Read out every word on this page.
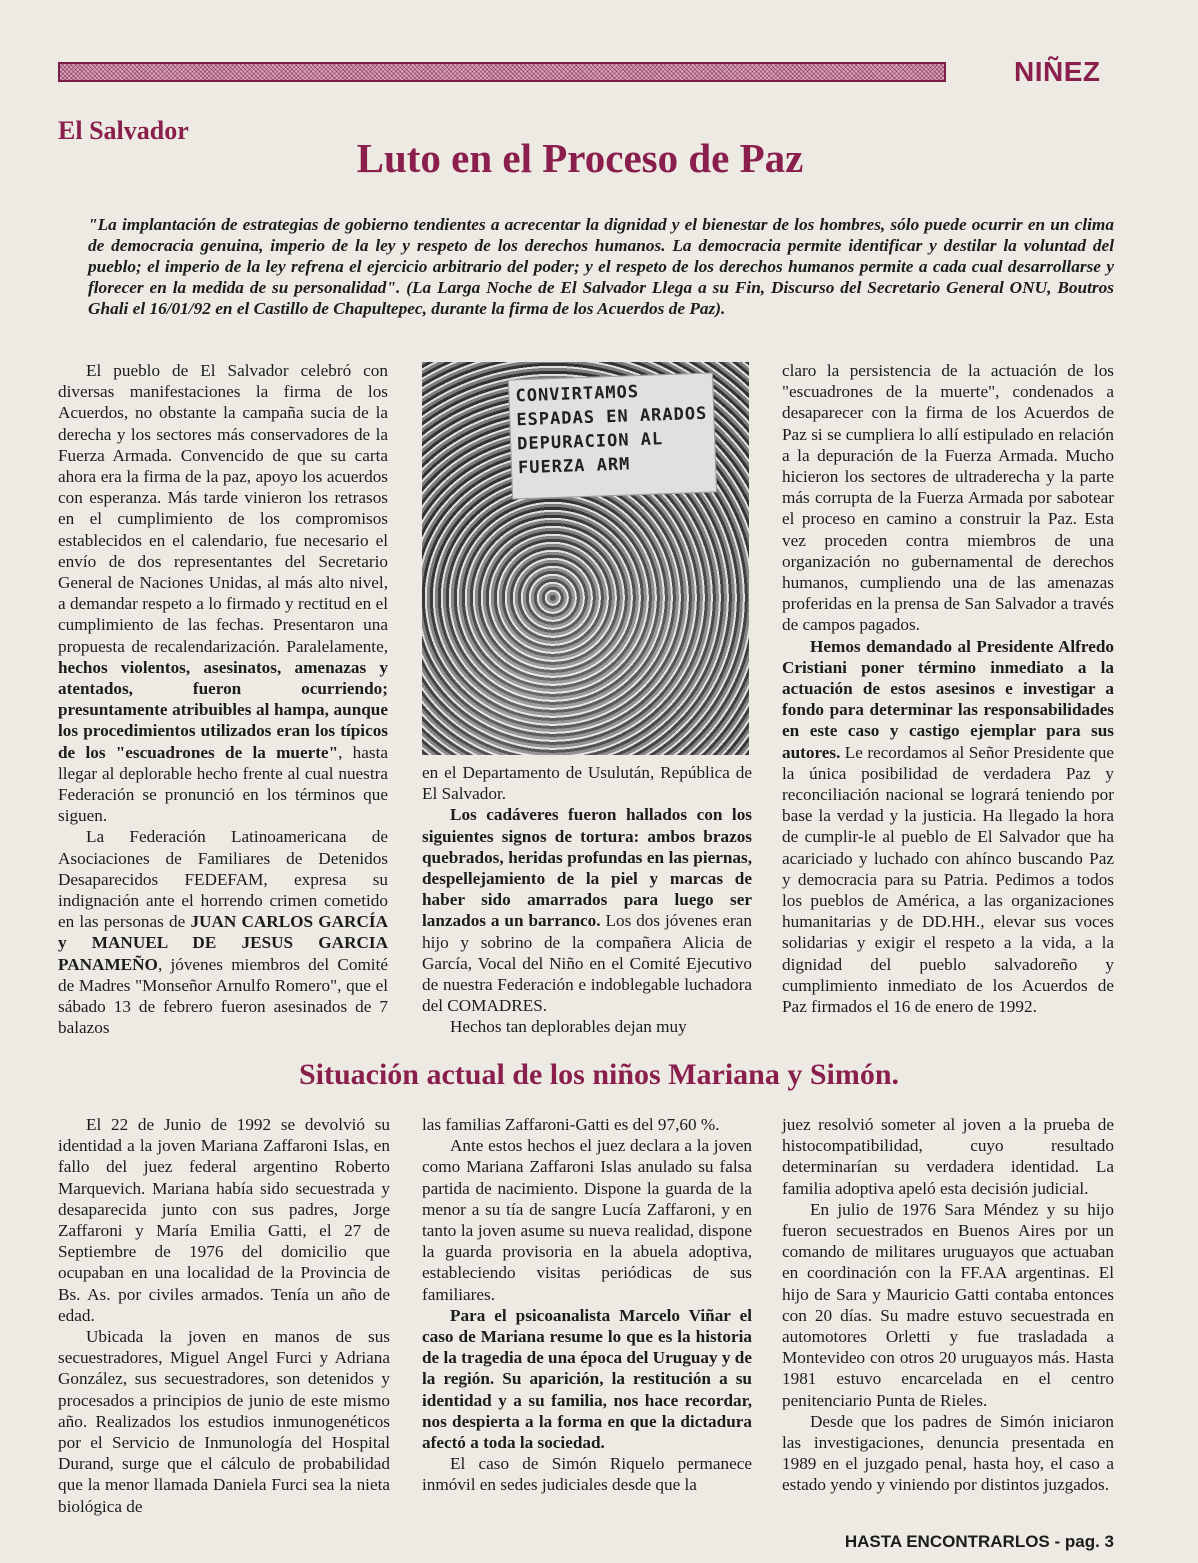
NIÑEZ
El Salvador
Luto en el Proceso de Paz

"La implantación de estrategias de gobierno tendientes a acrecentar la dignidad y el bienestar de los hombres, sólo puede ocurrir en un clima de democracia genuina, imperio de la ley y respeto de los derechos humanos. La democracia permite identificar y destilar la voluntad del pueblo; el imperio de la ley refrena el ejercicio arbitrario del poder; y el respeto de los derechos humanos permite a cada cual desarrollarse y florecer en la medida de su personalidad". (La Larga Noche de El Salvador Llega a su Fin, Discurso del Secretario General ONU, Boutros Ghali el 16/01/92 en el Castillo de Chapultepec, durante la firma de los Acuerdos de Paz).

El pueblo de El Salvador celebró con diversas manifestaciones la firma de los Acuerdos, no obstante la campaña sucia de la derecha y los sectores más conservadores de la Fuerza Armada. Convencido de que su carta ahora era la firma de la paz, apoyo los acuerdos con esperanza. Más tarde vinieron los retrasos en el cumplimiento de los compromisos establecidos en el calendario, fue necesario el envío de dos representantes del Secretario General de Naciones Unidas, al más alto nivel, a demandar respeto a lo firmado y rectitud en el cumplimiento de las fechas. Presentaron una propuesta de recalendarización. Paralelamente, hechos violentos, asesinatos, amenazas y atentados, fueron ocurriendo; presuntamente atribuibles al hampa, aunque los procedimientos utilizados eran los típicos de los "escuadrones de la muerte", hasta llegar al deplorable hecho frente al cual nuestra Federación se pronunció en los términos que siguen.

La Federación Latinoamericana de Asociaciones de Familiares de Detenidos Desaparecidos FEDEFAM, expresa su indignación ante el horrendo crimen cometido en las personas de JUAN CARLOS GARCÍA y MANUEL DE JESUS GARCIA PANAMEÑO, jóvenes miembros del Comité de Madres "Monseñor Arnulfo Romero", que el sábado 13 de febrero fueron asesinados de 7 balazos

CONVIRTAMOS
ESPADAS EN ARADOS
DEPURACION AL
FUERZA ARM

en el Departamento de Usulután, República de El Salvador.

Los cadáveres fueron hallados con los siguientes signos de tortura: ambos brazos quebrados, heridas profundas en las piernas, despellejamiento de la piel y marcas de haber sido amarrados para luego ser lanzados a un barranco. Los dos jóvenes eran hijo y sobrino de la compañera Alicia de García, Vocal del Niño en el Comité Ejecutivo de nuestra Federación e indoblegable luchadora del COMADRES.

Hechos tan deplorables dejan muy

claro la persistencia de la actuación de los "escuadrones de la muerte", condenados a desaparecer con la firma de los Acuerdos de Paz si se cumpliera lo allí estipulado en relación a la depuración de la Fuerza Armada. Mucho hicieron los sectores de ultraderecha y la parte más corrupta de la Fuerza Armada por sabotear el proceso en camino a construir la Paz. Esta vez proceden contra miembros de una organización no gubernamental de derechos humanos, cumpliendo una de las amenazas proferidas en la prensa de San Salvador a través de campos pagados.

Hemos demandado al Presidente Alfredo Cristiani poner término inmediato a la actuación de estos asesinos e investigar a fondo para determinar las responsabilidades en este caso y castigo ejemplar para sus autores. Le recordamos al Señor Presidente que la única posibilidad de verdadera Paz y reconciliación nacional se logrará teniendo por base la verdad y la justicia. Ha llegado la hora de cumplir-le al pueblo de El Salvador que ha acariciado y luchado con ahínco buscando Paz y democracia para su Patria. Pedimos a todos los pueblos de América, a las organizaciones humanitarias y de DD.HH., elevar sus voces solidarias y exigir el respeto a la vida, a la dignidad del pueblo salvadoreño y cumplimiento inmediato de los Acuerdos de Paz firmados el 16 de enero de 1992.

Situación actual de los niños Mariana y Simón.

El 22 de Junio de 1992 se devolvió su identidad a la joven Mariana Zaffaroni Islas, en fallo del juez federal argentino Roberto Marquevich. Mariana había sido secuestrada y desaparecida junto con sus padres, Jorge Zaffaroni y María Emilia Gatti, el 27 de Septiembre de 1976 del domicilio que ocupaban en una localidad de la Provincia de Bs. As. por civiles armados. Tenía un año de edad.

Ubicada la joven en manos de sus secuestradores, Miguel Angel Furci y Adriana González, sus secuestradores, son detenidos y procesados a principios de junio de este mismo año. Realizados los estudios inmunogenéticos por el Servicio de Inmunología del Hospital Durand, surge que el cálculo de probabilidad que la menor llamada Daniela Furci sea la nieta biológica de

las familias Zaffaroni-Gatti es del 97,60 %.

Ante estos hechos el juez declara a la joven como Mariana Zaffaroni Islas anulado su falsa partida de nacimiento. Dispone la guarda de la menor a su tía de sangre Lucía Zaffaroni, y en tanto la joven asume su nueva realidad, dispone la guarda provisoria en la abuela adoptiva, estableciendo visitas periódicas de sus familiares.

Para el psicoanalista Marcelo Viñar el caso de Mariana resume lo que es la historia de la tragedia de una época del Uruguay y de la región. Su aparición, la restitución a su identidad y a su familia, nos hace recordar, nos despierta a la forma en que la dictadura afectó a toda la sociedad.

El caso de Simón Riquelo permanece inmóvil en sedes judiciales desde que la

juez resolvió someter al joven a la prueba de histocompatibilidad, cuyo resultado determinarían su verdadera identidad. La familia adoptiva apeló esta decisión judicial.

En julio de 1976 Sara Méndez y su hijo fueron secuestrados en Buenos Aires por un comando de militares uruguayos que actuaban en coordinación con la FF.AA argentinas. El hijo de Sara y Mauricio Gatti contaba entonces con 20 días. Su madre estuvo secuestrada en automotores Orletti y fue trasladada a Montevideo con otros 20 uruguayos más. Hasta 1981 estuvo encarcelada en el centro penitenciario Punta de Rieles.

Desde que los padres de Simón iniciaron las investigaciones, denuncia presentada en 1989 en el juzgado penal, hasta hoy, el caso a estado yendo y viniendo por distintos juzgados.

HASTA ENCONTRARLOS - pag. 3
